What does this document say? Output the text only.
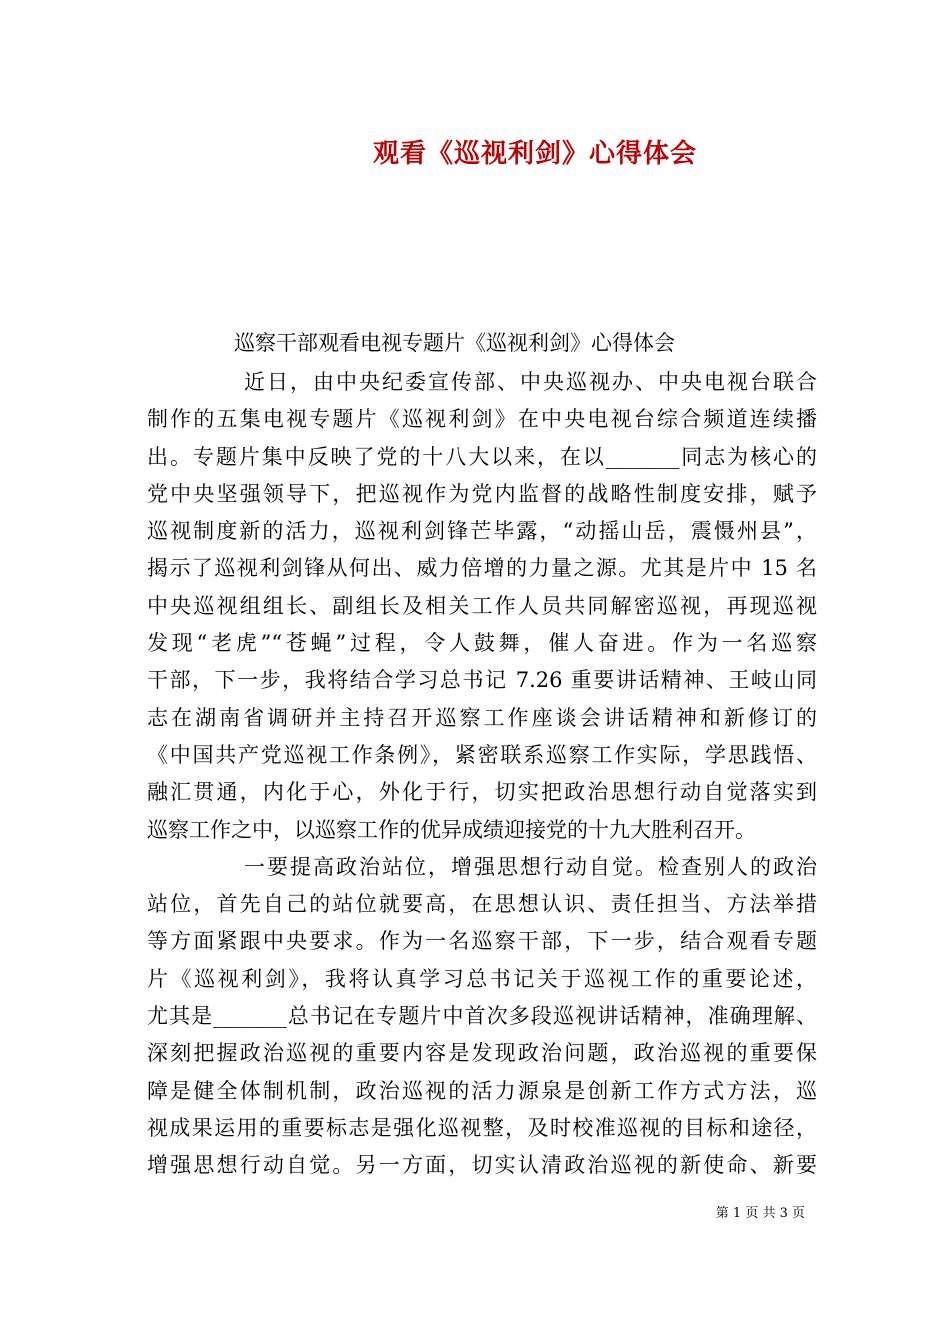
观看《巡视利剑》心得体会

巡察干部观看电视专题片《巡视利剑》心得体会

近日，由中央纪委宣传部、中央巡视办、中央电视台联合
制作的五集电视专题片《巡视利剑》在中央电视台综合频道连续播
出。专题片集中反映了党的十八大以来，在以_______同志为核心的
党中央坚强领导下，把巡视作为党内监督的战略性制度安排，赋予
巡视制度新的活力，巡视利剑锋芒毕露，“动摇山岳，震慑州县”，
揭示了巡视利剑锋从何出、威力倍增的力量之源。尤其是片中 15 名
中央巡视组组长、副组长及相关工作人员共同解密巡视，再现巡视
发现“老虎”“苍蝇”过程，令人鼓舞，催人奋进。作为一名巡察
干部，下一步，我将结合学习总书记 7.26 重要讲话精神、王岐山同
志在湖南省调研并主持召开巡察工作座谈会讲话精神和新修订的
《中国共产党巡视工作条例》，紧密联系巡察工作实际，学思践悟、
融汇贯通，内化于心，外化于行，切实把政治思想行动自觉落实到
巡察工作之中，以巡察工作的优异成绩迎接党的十九大胜利召开。

一要提高政治站位，增强思想行动自觉。检查别人的政治
站位，首先自己的站位就要高，在思想认识、责任担当、方法举措
等方面紧跟中央要求。作为一名巡察干部，下一步，结合观看专题
片《巡视利剑》，我将认真学习总书记关于巡视工作的重要论述，
尤其是_______总书记在专题片中首次多段巡视讲话精神，准确理解、
深刻把握政治巡视的重要内容是发现政治问题，政治巡视的重要保
障是健全体制机制，政治巡视的活力源泉是创新工作方式方法，巡
视成果运用的重要标志是强化巡视整，及时校准巡视的目标和途径，
增强思想行动自觉。另一方面，切实认清政治巡视的新使命、新要

第 1 页 共 3 页
